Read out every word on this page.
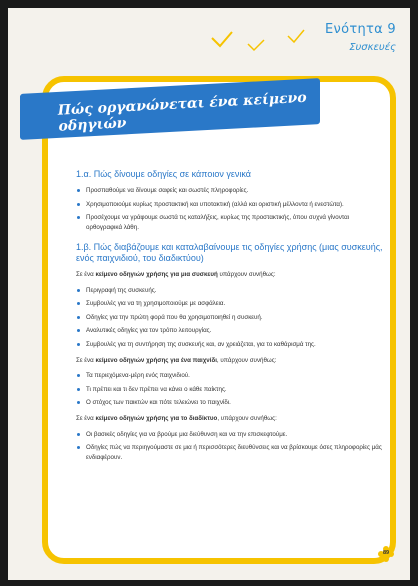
Ενότητα 9
Συσκευές
Πώς οργανώνεται ένα κείμενο οδηγιών
1.α. Πώς δίνουμε οδηγίες σε κάποιον γενικά
Προσπαθούμε να δίνουμε σαφείς και σωστές πληροφορίες.
Χρησιμοποιούμε κυρίως προστακτική και υποτακτική (αλλά και οριστική μέλλοντα ή ενεστώτα).
Προσέχουμε να γράφουμε σωστά τις καταλήξεις, κυρίως της προστακτικής, όπου συχνά γίνονται ορθογραφικά λάθη.
1.β. Πώς διαβάζουμε και καταλαβαίνουμε τις οδηγίες χρήσης (μιας συσκευής, ενός παιχνιδιού, του διαδικτύου)
Σε ένα κείμενο οδηγιών χρήσης για μια συσκευή υπάρχουν συνήθως:
Περιγραφή της συσκευής.
Συμβουλές για να τη χρησιμοποιούμε με ασφάλεια.
Οδηγίες για την πρώτη φορά που θα χρησιμοποιηθεί η συσκευή.
Αναλυτικές οδηγίες για τον τρόπο λειτουργίας.
Συμβουλές για τη συντήρηση της συσκευής και, αν χρειάζεται, για το καθάρισμά της.
Σε ένα κείμενο οδηγιών χρήσης για ένα παιχνίδι, υπάρχουν συνήθως:
Τα περιεχόμενα-μέρη ενός παιχνιδιού.
Τι πρέπει και τι δεν πρέπει να κάνει ο κάθε παίκτης.
Ο στόχος των παικτών και πότε τελειώνει το παιχνίδι.
Σε ένα κείμενο οδηγιών χρήσης για το διαδίκτυο, υπάρχουν συνήθως:
Οι βασικές οδηγίες για να βρούμε μια διεύθυνση και να την επισκεφτούμε.
Οδηγίες πώς να περιηγούμαστε σε μια ή περισσότερες διευθύνσεις και να βρίσκουμε όσες πληροφορίες μάς ενδιαφέρουν.
89
